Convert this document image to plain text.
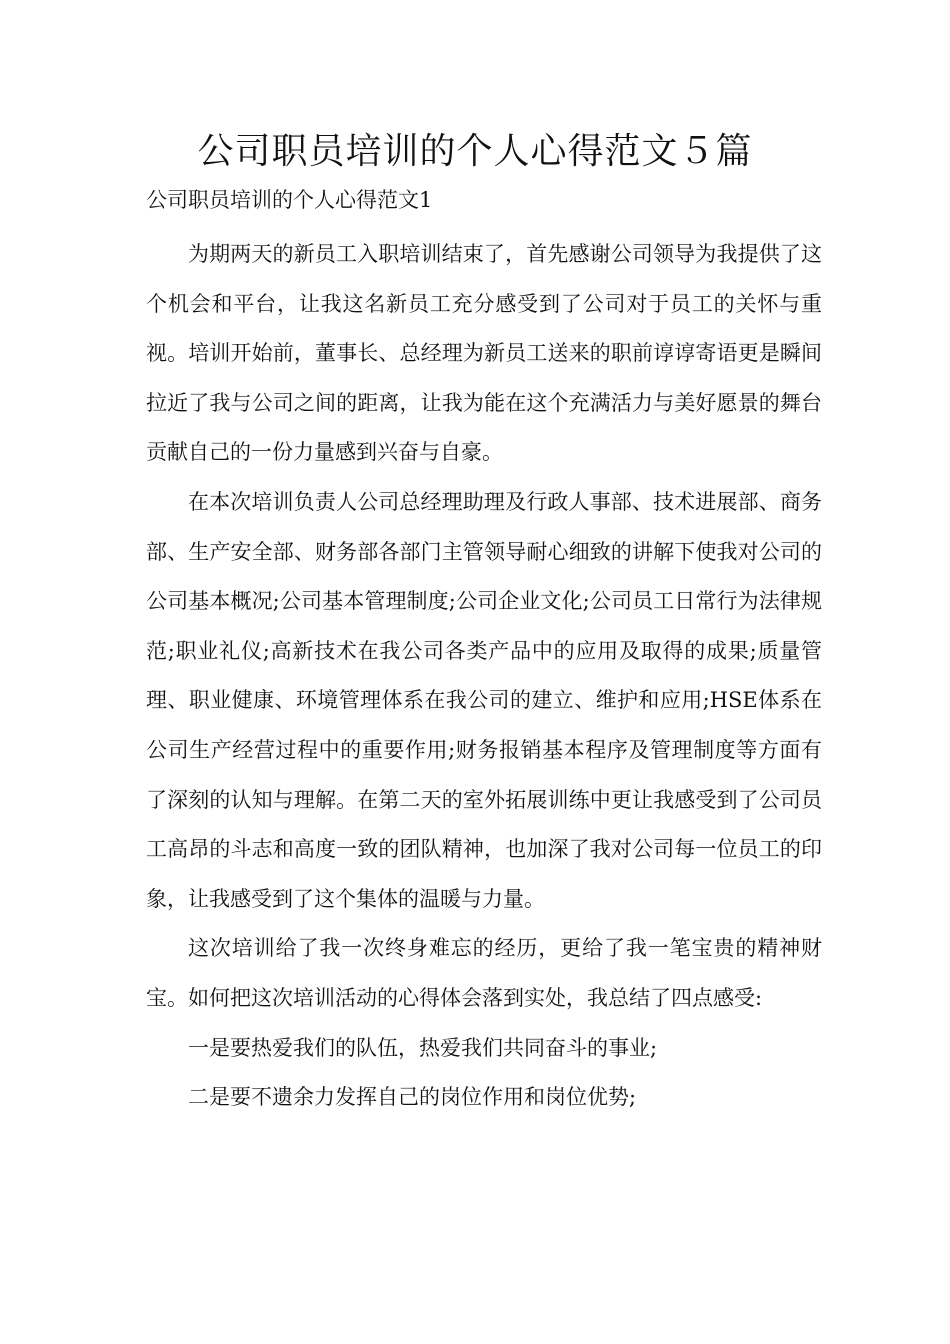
公司职员培训的个人心得范文５篇
公司职员培训的个人心得范文1

为期两天的新员工入职培训结束了，首先感谢公司领导为我提供了这个机会和平台，让我这名新员工充分感受到了公司对于员工的关怀与重视。培训开始前，董事长、总经理为新员工送来的职前谆谆寄语更是瞬间拉近了我与公司之间的距离，让我为能在这个充满活力与美好愿景的舞台贡献自己的一份力量感到兴奋与自豪。

在本次培训负责人公司总经理助理及行政人事部、技术进展部、商务部、生产安全部、财务部各部门主管领导耐心细致的讲解下使我对公司的公司基本概况;公司基本管理制度;公司企业文化;公司员工日常行为法律规范;职业礼仪;高新技术在我公司各类产品中的应用及取得的成果;质量管理、职业健康、环境管理体系在我公司的建立、维护和应用;HSE体系在公司生产经营过程中的重要作用;财务报销基本程序及管理制度等方面有了深刻的认知与理解。在第二天的室外拓展训练中更让我感受到了公司员工高昂的斗志和高度一致的团队精神，也加深了我对公司每一位员工的印象，让我感受到了这个集体的温暖与力量。

这次培训给了我一次终身难忘的经历，更给了我一笔宝贵的精神财宝。如何把这次培训活动的心得体会落到实处，我总结了四点感受:

一是要热爱我们的队伍，热爱我们共同奋斗的事业;

二是要不遗余力发挥自己的岗位作用和岗位优势;
